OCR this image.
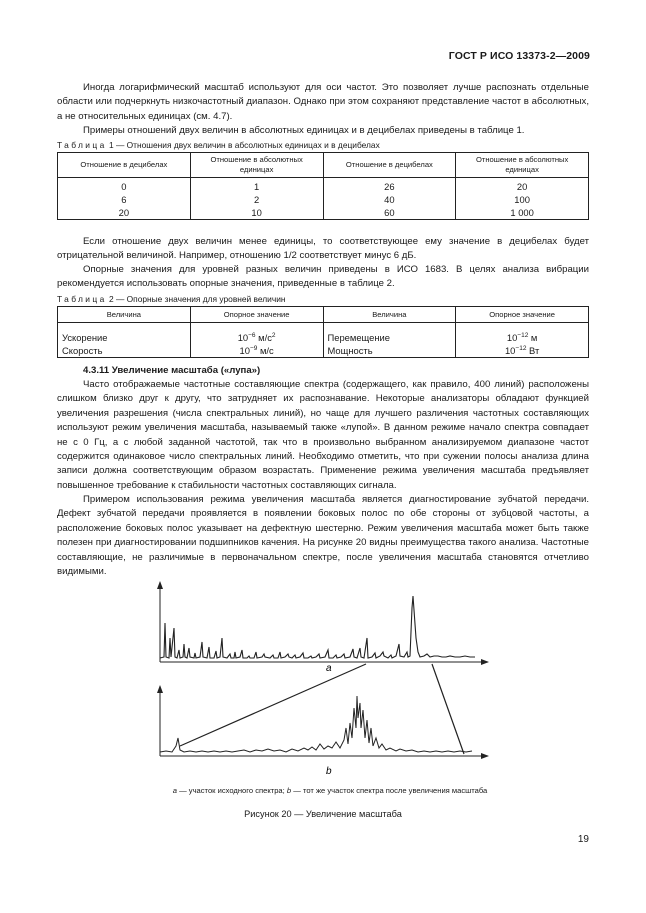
ГОСТ Р ИСО 13373-2—2009
Иногда логарифмический масштаб используют для оси частот. Это позволяет лучше распознать отдельные области или подчеркнуть низкочастотный диапазон. Однако при этом сохраняют представление частот в абсолютных, а не относительных единицах (см. 4.7).
Примеры отношений двух величин в абсолютных единицах и в децибелах приведены в таблице 1.
Таблица 1 — Отношения двух величин в абсолютных единицах и в децибелах
Отношение в децибелах	Отношение в абсолютных единицах	Отношение в децибелах	Отношение в абсолютных единицах
0	1	26	20
6	2	40	100
20	10	60	1 000
Если отношение двух величин менее единицы, то соответствующее ему значение в децибелах будет отрицательной величиной. Например, отношению 1/2 соответствует минус 6 дБ.
Опорные значения для уровней разных величин приведены в ИСО 1683. В целях анализа вибрации рекомендуется использовать опорные значения, приведенные в таблице 2.
Таблица 2 — Опорные значения для уровней величин
Величина	Опорное значение	Величина	Опорное значение
Ускорение	$10^{-6}$ $м/с^2$	Перемещение	$10^{-12}$ м
Скорость	$10^{-9}$ м/с	Мощность	$10^{-12}$ Вт
4.3.11 Увеличение масштаба («лупа»)
Часто отображаемые частотные составляющие спектра (содержащего, как правило, 400 линий) расположены слишком близко друг к другу, что затрудняет их распознавание. Некоторые анализаторы обладают функцией увеличения разрешения (числа спектральных линий), но чаще для лучшего различения частотных составляющих используют режим увеличения масштаба, называемый также «лупой». В данном режиме начало спектра совпадает не с 0 Гц, а с любой заданной частотой, так что в произвольно выбранном анализируемом диапазоне частот содержится одинаковое число спектральных линий. Необходимо отметить, что при сужении полосы анализа длина записи должна соответствующим образом возрастать. Применение режима увеличения масштаба предъявляет повышенное требование к стабильности частотных составляющих сигнала.
Примером использования режима увеличения масштаба является диагностирование зубчатой передачи. Дефект зубчатой передачи проявляется в появлении боковых полос по обе стороны от зубцовой частоты, а расположение боковых полос указывает на дефектную шестерню. Режим увеличения масштаба может быть также полезен при диагностировании подшипников качения. На рисунке 20 видны преимущества такого анализа. Частотные составляющие, не различимые в первоначальном спектре, после увеличения масштаба становятся отчетливо видимыми.
а
b
а — участок исходного спектра; b — тот же участок спектра после увеличения масштаба
Рисунок 20 — Увеличение масштаба
19
